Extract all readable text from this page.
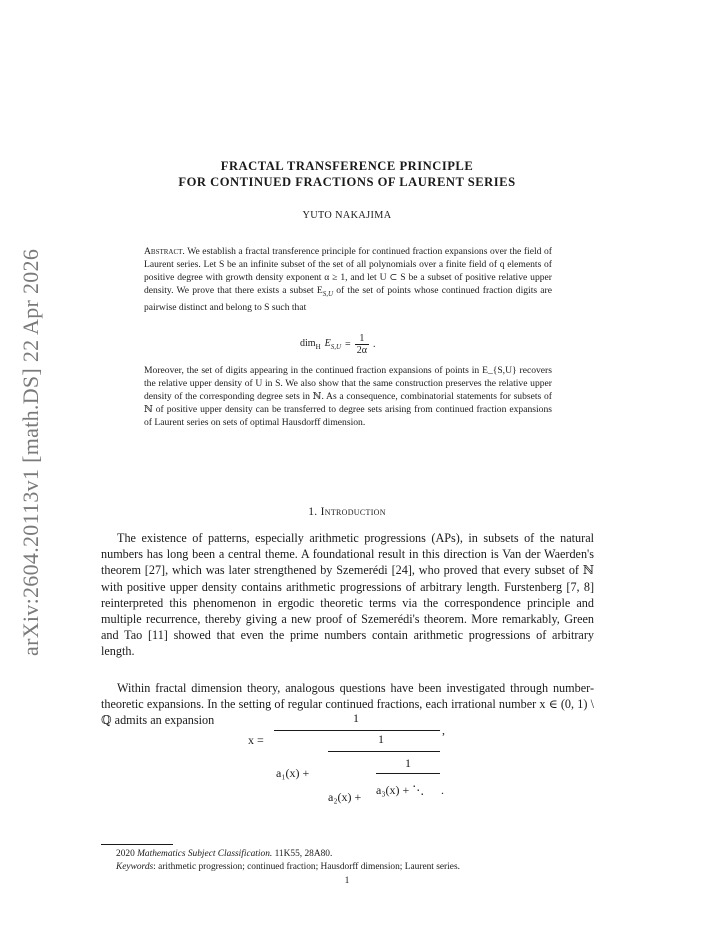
arXiv:2604.20113v1 [math.DS] 22 Apr 2026
FRACTAL TRANSFERENCE PRINCIPLE
FOR CONTINUED FRACTIONS OF LAURENT SERIES
YUTO NAKAJIMA
Abstract. We establish a fractal transference principle for continued fraction expansions over the field of Laurent series. Let S be an infinite subset of the set of all polynomials over a finite field of q elements of positive degree with growth density exponent α ≥ 1, and let U ⊂ S be a subset of positive relative upper density. We prove that there exists a subset $E_{S,U}$ of the set of points whose continued fraction digits are pairwise distinct and belong to S such that
dim$_H$ $E_{S,U} = \frac{1}{2\alpha}$ .
Moreover, the set of digits appearing in the continued fraction expansions of points in E_{S,U} recovers the relative upper density of U in S. We also show that the same construction preserves the relative upper density of the corresponding degree sets in ℕ. As a consequence, combinatorial statements for subsets of ℕ of positive upper density can be transferred to degree sets arising from continued fraction expansions of Laurent series on sets of optimal Hausdorff dimension.
1. Introduction
The existence of patterns, especially arithmetic progressions (APs), in subsets of the natural numbers has long been a central theme. A foundational result in this direction is Van der Waerden's theorem [27], which was later strengthened by Szemerédi [24], who proved that every subset of ℕ with positive upper density contains arithmetic progressions of arbitrary length. Furstenberg [7, 8] reinterpreted this phenomenon in ergodic theoretic terms via the correspondence principle and multiple recurrence, thereby giving a new proof of Szemerédi's theorem. More remarkably, Green and Tao [11] showed that even the prime numbers contain arithmetic progressions of arbitrary length.
Within fractal dimension theory, analogous questions have been investigated through number-theoretic expansions. In the setting of regular continued fractions, each irrational number x ∈ (0, 1) \ ℚ admits an expansion
x =
1
,
a₁(x) +
1
a₂(x) +
1
a₃(x) + ⋱ .
2020 Mathematics Subject Classification. 11K55, 28A80.
Keywords: arithmetic progression; continued fraction; Hausdorff dimension; Laurent series.
1
